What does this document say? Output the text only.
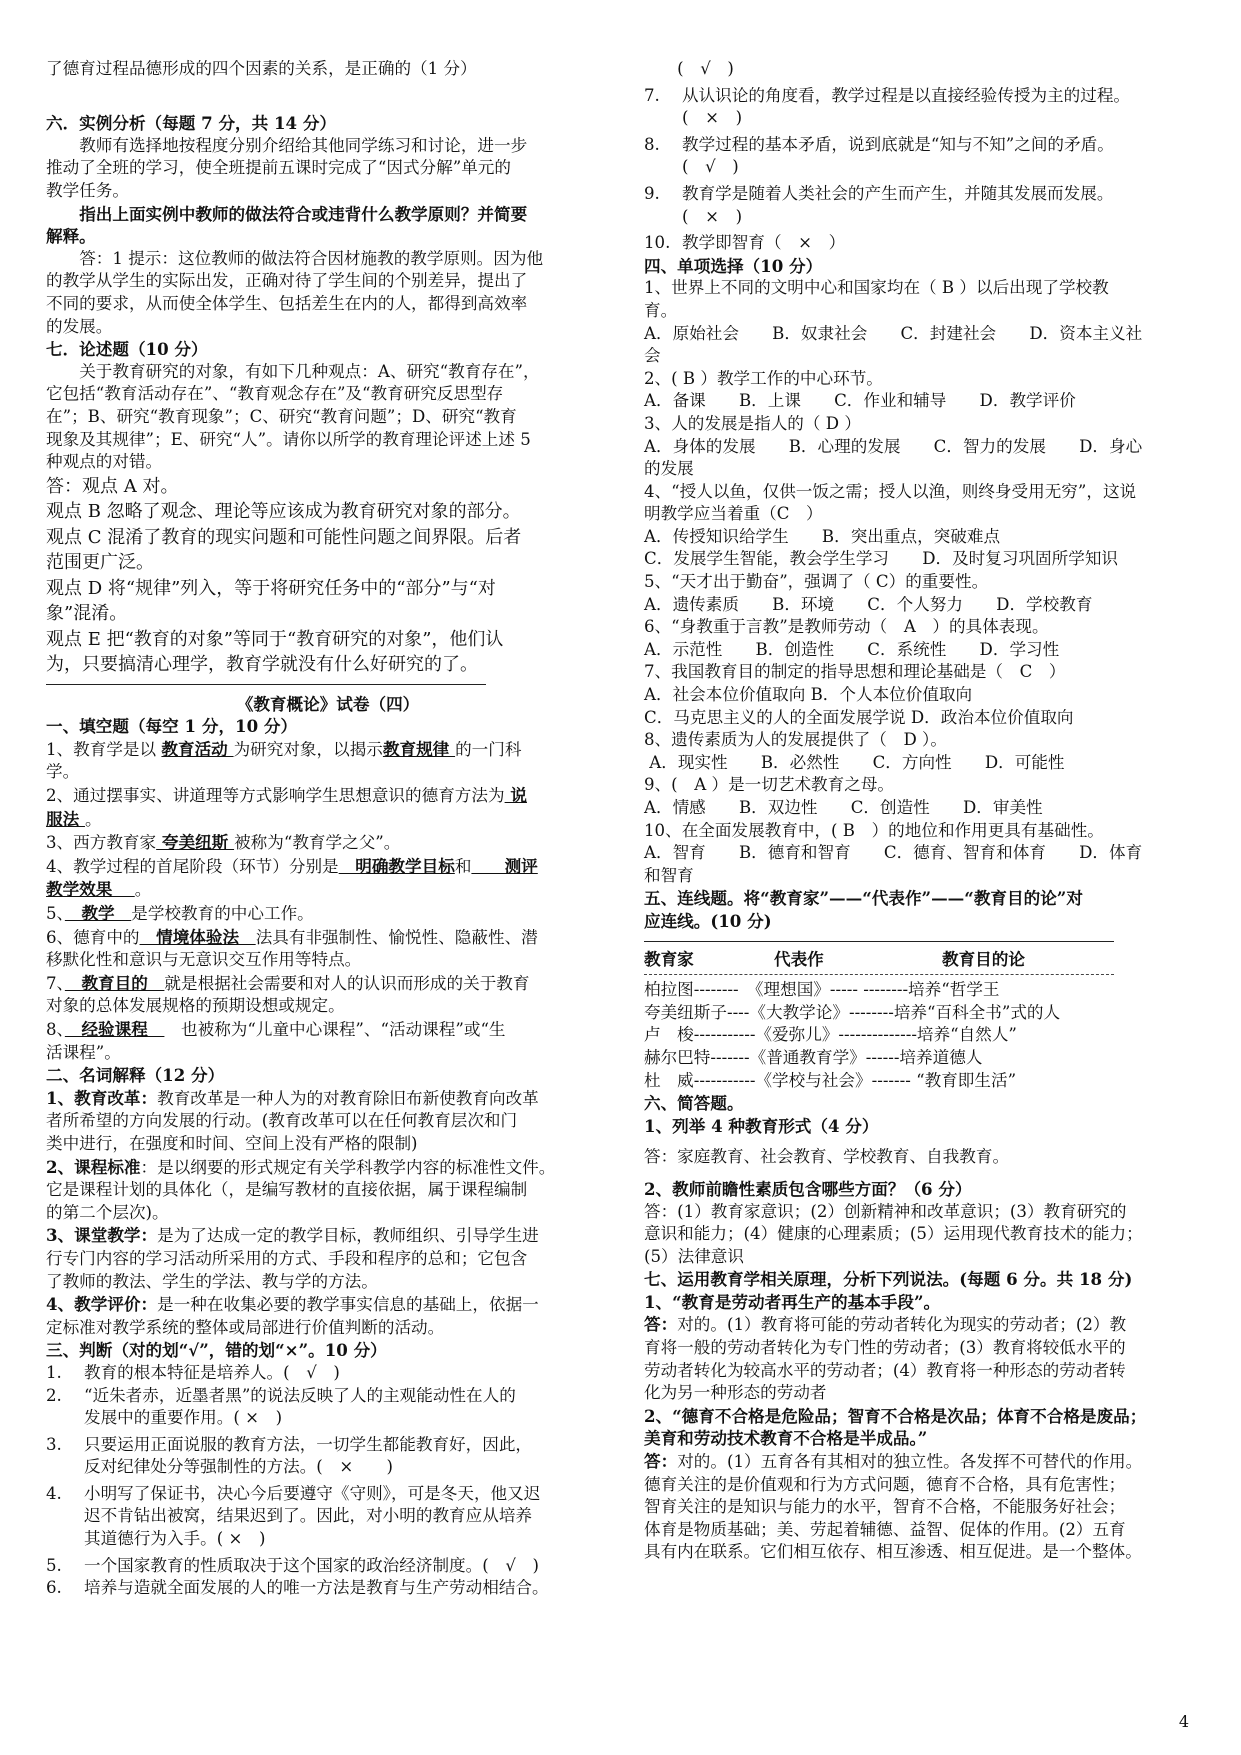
了德育过程品德形成的四个因素的关系，是正确的（1 分）
六．实例分析（每题 7 分，共 14 分）
教师有选择地按程度分别介绍给其他同学练习和讨论，进一步
推动了全班的学习，使全班提前五课时完成了“因式分解”单元的
教学任务。
指出上面实例中教师的做法符合或违背什么教学原则？并简要
解释。
答：1 提示：这位教师的做法符合因材施教的教学原则。因为他
的教学从学生的实际出发，正确对待了学生间的个别差异，提出了
不同的要求，从而使全体学生、包括差生在内的人，都得到高效率
的发展。
七．论述题（10 分）
关于教育研究的对象，有如下几种观点：A、研究“教育存在”，
它包括“教育活动存在”、“教育观念存在”及“教育研究反思型存
在”；B、研究“教育现象”；C、研究“教育问题”；D、研究“教育
现象及其规律”；E、研究“人”。请你以所学的教育理论评述上述 5
种观点的对错。
答：观点 A 对。
观点 B 忽略了观念、理论等应该成为教育研究对象的部分。
观点 C 混淆了教育的现实问题和可能性问题之间界限。后者
范围更广泛。
观点 D 将“规律”列入，等于将研究任务中的“部分”与“对
象”混淆。
观点 E 把“教育的对象”等同于“教育研究的对象”，他们认
为，只要搞清心理学，教育学就没有什么好研究的了。
《教育概论》试卷（四）
一、填空题（每空 1 分，10 分）
1、教育学是以 教育活动 为研究对象，以揭示教育规律 的一门科
学。
2、通过摆事实、讲道理等方式影响学生思想意识的德育方法为 说
服法 。
3、西方教育家 夸美纽斯 被称为“教育学之父”。
4、教学过程的首尾阶段（环节）分别是　明确教学目标和　　测评
教学效果 　。
5、　教学　是学校教育的中心工作。
6、德育中的　情境体验法　法具有非强制性、愉悦性、隐蔽性、潜
移默化性和意识与无意识交互作用等特点。
7、　教育目的　就是根据社会需要和对人的认识而形成的关于教育
对象的总体发展规格的预期设想或规定。
8、　经验课程　　也被称为“儿童中心课程”、“活动课程”或“生
活课程”。
二、名词解释（12 分）
1、教育改革：教育改革是一种人为的对教育除旧布新使教育向改革
者所希望的方向发展的行动。(教育改革可以在任何教育层次和门
类中进行，在强度和时间、空间上没有严格的限制)
2、课程标准：是以纲要的形式规定有关学科教学内容的标准性文件。
它是课程计划的具体化（，是编写教材的直接依据，属于课程编制
的第二个层次)。
3、课堂教学：是为了达成一定的教学目标，教师组织、引导学生进
行专门内容的学习活动所采用的方式、手段和程序的总和；它包含
了教师的教法、学生的学法、教与学的方法。
4、教学评价：是一种在收集必要的教学事实信息的基础上，依据一
定标准对教学系统的整体或局部进行价值判断的活动。
三、判断（对的划“√”，错的划“×”。10 分）
1.	教育的根本特征是培养人。(　√　)
2.	“近朱者赤，近墨者黑”的说法反映了人的主观能动性在人的
发展中的重要作用。( ×　)
3.	只要运用正面说服的教育方法，一切学生都能教育好，因此，
反对纪律处分等强制性的方法。(　×　　)
4.	小明写了保证书，决心今后要遵守《守则》，可是冬天，他又迟
迟不肯钻出被窝，结果迟到了。因此，对小明的教育应从培养
其道德行为入手。( ×　)
5.	一个国家教育的性质取决于这个国家的政治经济制度。(　√　)
6.	培养与造就全面发展的人的唯一方法是教育与生产劳动相结合。
　　(　√　)
7.	从认识论的角度看，教学过程是以直接经验传授为主的过程。
(　×　)
8.	教学过程的基本矛盾，说到底就是“知与不知”之间的矛盾。
(　√　)
9.	教育学是随着人类社会的产生而产生，并随其发展而发展。
(　×　)
10. 教学即智育（　×　）
四、单项选择（10 分）
1、世界上不同的文明中心和国家均在（ B ）以后出现了学校教
育。
A．原始社会　　B．奴隶社会　　C．封建社会　　D．资本主义社
会
2、( B ）教学工作的中心环节。
A．备课　　B．上课　　C．作业和辅导　　D．教学评价
3、人的发展是指人的（ D ）
A．身体的发展　　B．心理的发展　　C．智力的发展　　D．身心
的发展
4、“授人以鱼，仅供一饭之需；授人以渔，则终身受用无穷”，这说
明教学应当着重（C　）
A．传授知识给学生　　B．突出重点，突破难点
C．发展学生智能，教会学生学习　　D．及时复习巩固所学知识
5、“天才出于勤奋”，强调了（ C）的重要性。
A．遗传素质　　B．环境　　C．个人努力　　D．学校教育
6、“身教重于言教”是教师劳动（　A　）的具体表现。
A．示范性　　B．创造性　　C．系统性　　D．学习性
7、我国教育目的制定的指导思想和理论基础是（　C　）
A．社会本位价值取向 B．个人本位价值取向
C．马克思主义的人的全面发展学说 D．政治本位价值取向
8、遗传素质为人的发展提供了（　D ）。
A．现实性　　B．必然性　　C．方向性　　D．可能性
9、(　A ）是一切艺术教育之母。
A．情感　　B．双边性　　C．创造性　　D．审美性
10、在全面发展教育中，( B　）的地位和作用更具有基础性。
A．智育　　B．德育和智育　　C．德育、智育和体育　　D．体育
和智育
五、连线题。将“教育家”——“代表作”——“教育目的论”对
应连线。(10 分)
教育家	代表作	教育目的论
柏拉图--------　《理想国》----- --------培养“哲学王
夸美纽斯子----《大教学论》--------培养“百科全书”式的人
卢　梭-----------《爱弥儿》--------------培养“自然人”
赫尔巴特-------《普通教育学》------培养道德人
杜　威-----------《学校与社会》------- “教育即生活”
六、简答题。
1、列举 4 种教育形式（4 分）
答：家庭教育、社会教育、学校教育、自我教育。
2、教师前瞻性素质包含哪些方面？（6 分）
答：(1）教育家意识；(2）创新精神和改革意识；(3）教育研究的
意识和能力；(4）健康的心理素质；(5）运用现代教育技术的能力；
(5）法律意识
七、运用教育学相关原理，分析下列说法。(每题 6 分。共 18 分)
1、“教育是劳动者再生产的基本手段”。
答：对的。(1）教育将可能的劳动者转化为现实的劳动者；(2）教
育将一般的劳动者转化为专门性的劳动者；(3）教育将较低水平的
劳动者转化为较高水平的劳动者；(4）教育将一种形态的劳动者转
化为另一种形态的劳动者
2、“德育不合格是危险品；智育不合格是次品；体育不合格是废品；
美育和劳动技术教育不合格是半成品。”
答：对的。(1）五育各有其相对的独立性。各发挥不可替代的作用。
德育关注的是价值观和行为方式问题，德育不合格，具有危害性；
智育关注的是知识与能力的水平，智育不合格，不能服务好社会；
体育是物质基础；美、劳起着辅德、益智、促体的作用。(2）五育
具有内在联系。它们相互依存、相互渗透、相互促进。是一个整体。
4
